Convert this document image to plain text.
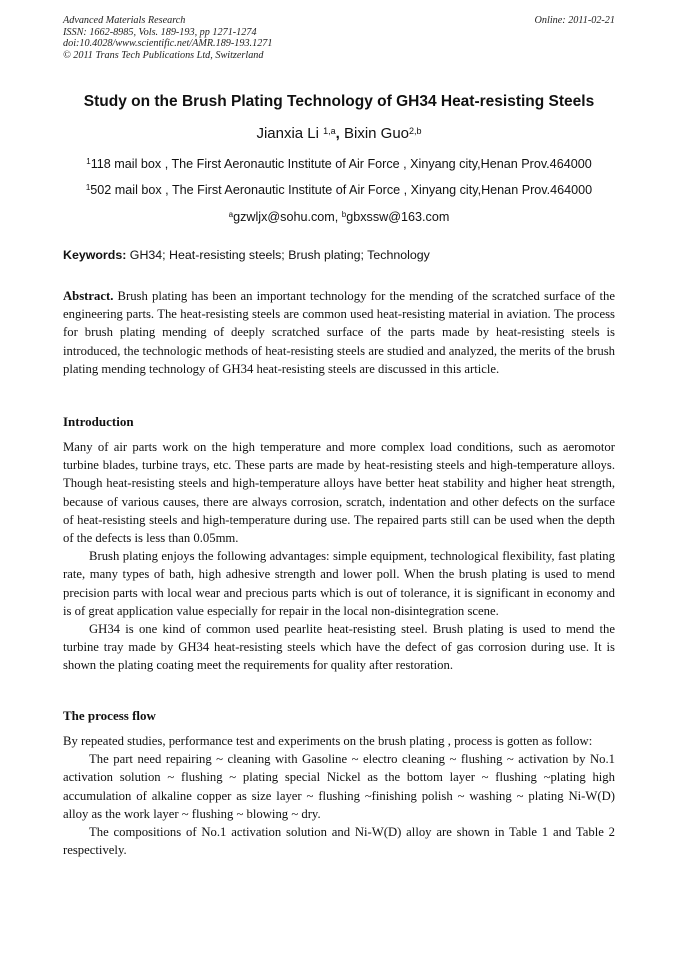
Advanced Materials Research
ISSN: 1662-8985, Vols. 189-193, pp 1271-1274
doi:10.4028/www.scientific.net/AMR.189-193.1271
© 2011 Trans Tech Publications Ltd, Switzerland
Online: 2011-02-21
Study on the Brush Plating Technology of GH34 Heat-resisting Steels
Jianxia Li $^{1,a}$, Bixin Guo$^{2,b}$
$^1$118 mail box , The First Aeronautic Institute of Air Force , Xinyang city,Henan Prov.464000
$^1$502 mail box , The First Aeronautic Institute of Air Force , Xinyang city,Henan Prov.464000
$^a$gzwljx@sohu.com, $^b$gbxssw@163.com
Keywords: GH34; Heat-resisting steels; Brush plating; Technology
Abstract. Brush plating has been an important technology for the mending of the scratched surface of the engineering parts. The heat-resisting steels are common used heat-resisting material in aviation. The process for brush plating mending of deeply scratched surface of the parts made by heat-resisting steels is introduced, the technologic methods of heat-resisting steels are studied and analyzed, the merits of the brush plating mending technology of GH34 heat-resisting steels are discussed in this article.
Introduction

Many of air parts work on the high temperature and more complex load conditions, such as aeromotor turbine blades, turbine trays, etc. These parts are made by heat-resisting steels and high-temperature alloys. Though heat-resisting steels and high-temperature alloys have better heat stability and higher heat strength, because of various causes, there are always corrosion, scratch, indentation and other defects on the surface of heat-resisting steels and high-temperature during use. The repaired parts still can be used when the depth of the defects is less than 0.05mm.

Brush plating enjoys the following advantages: simple equipment, technological flexibility, fast plating rate, many types of bath, high adhesive strength and lower poll. When the brush plating is used to mend precision parts with local wear and precious parts which is out of tolerance, it is significant in economy and is of great application value especially for repair in the local non-disintegration scene.

GH34 is one kind of common used pearlite heat-resisting steel. Brush plating is used to mend the turbine tray made by GH34 heat-resisting steels which have the defect of gas corrosion during use. It is shown the plating coating meet the requirements for quality after restoration.

The process flow

By repeated studies, performance test and experiments on the brush plating , process is gotten as follow:

The part need repairing ~ cleaning with Gasoline ~ electro cleaning ~ flushing ~ activation by No.1 activation solution ~ flushing ~ plating special Nickel as the bottom layer ~ flushing ~plating high accumulation of alkaline copper as size layer ~ flushing ~finishing polish ~ washing ~ plating Ni-W(D) alloy as the work layer ~ flushing ~ blowing ~ dry.

The compositions of No.1 activation solution and Ni-W(D) alloy are shown in Table 1 and Table 2 respectively.
